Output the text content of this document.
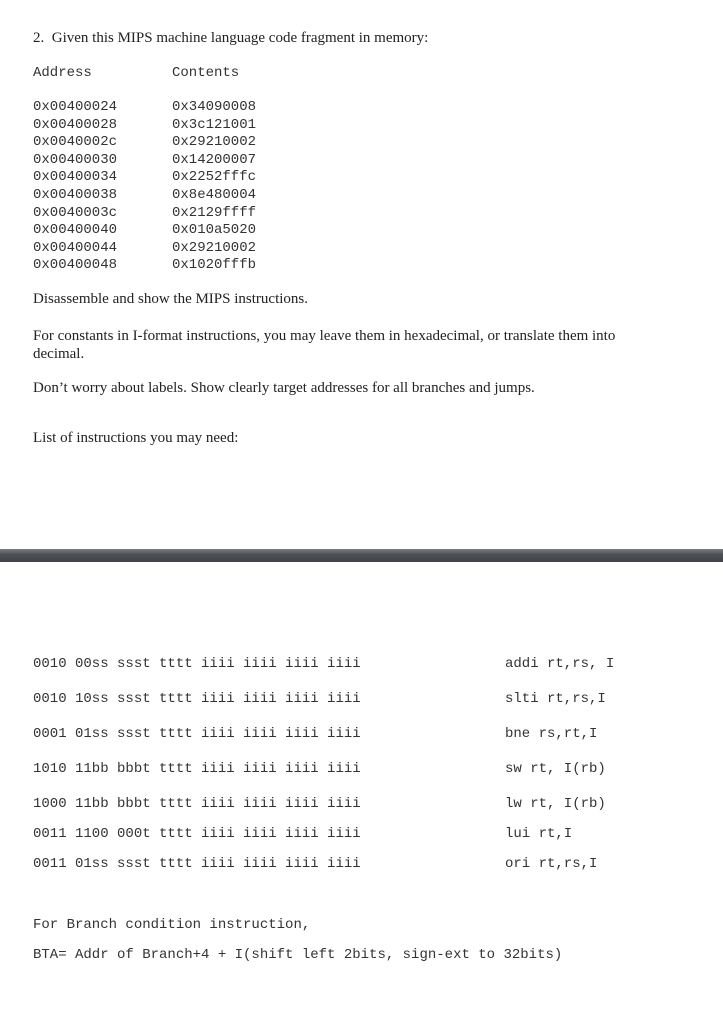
2.  Given this MIPS machine language code fragment in memory:
Address	Contents
0x00400024	0x34090008
0x00400028	0x3c121001
0x0040002c	0x29210002
0x00400030	0x14200007
0x00400034	0x2252fffc
0x00400038	0x8e480004
0x0040003c	0x2129ffff
0x00400040	0x010a5020
0x00400044	0x29210002
0x00400048	0x1020fffb
Disassemble and show the MIPS instructions.
For constants in I-format instructions, you may leave them in hexadecimal, or translate them into decimal.
Don’t worry about labels. Show clearly target addresses for all branches and jumps.
List of instructions you may need:
0010 00ss ssst tttt iiii iiii iiii iiii	addi rt,rs, I
0010 10ss ssst tttt iiii iiii iiii iiii	slti rt,rs,I
0001 01ss ssst tttt iiii iiii iiii iiii	bne rs,rt,I
1010 11bb bbbt tttt iiii iiii iiii iiii	sw rt, I(rb)
1000 11bb bbbt tttt iiii iiii iiii iiii	lw rt, I(rb)
0011 1100 000t tttt iiii iiii iiii iiii	lui rt,I
0011 01ss ssst tttt iiii iiii iiii iiii	ori rt,rs,I
For Branch condition instruction,
BTA= Addr of Branch+4 + I(shift left 2bits, sign-ext to 32bits)
